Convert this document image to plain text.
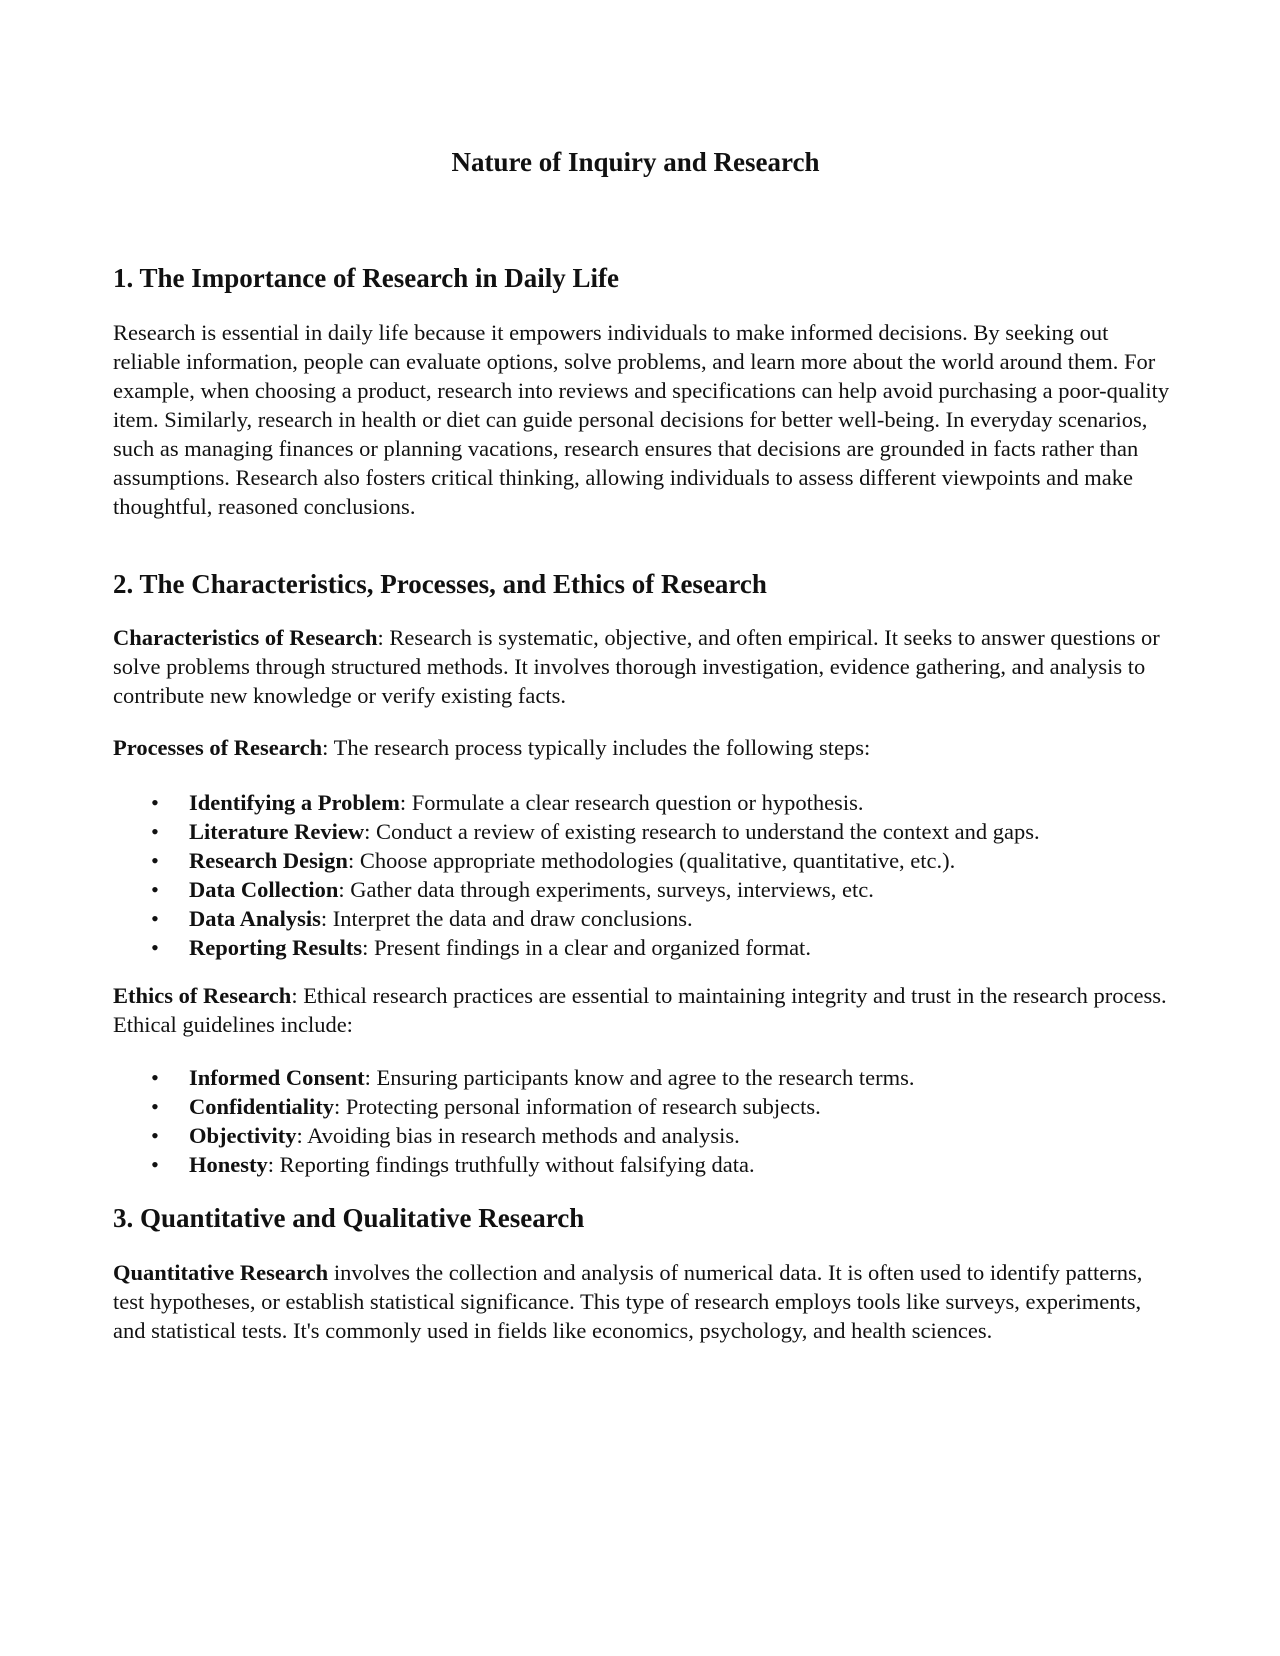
Nature of Inquiry and Research
1. The Importance of Research in Daily Life

Research is essential in daily life because it empowers individuals to make informed decisions. By seeking out reliable information, people can evaluate options, solve problems, and learn more about the world around them. For example, when choosing a product, research into reviews and specifications can help avoid purchasing a poor-quality item. Similarly, research in health or diet can guide personal decisions for better well-being. In everyday scenarios, such as managing finances or planning vacations, research ensures that decisions are grounded in facts rather than assumptions. Research also fosters critical thinking, allowing individuals to assess different viewpoints and make thoughtful, reasoned conclusions.

2. The Characteristics, Processes, and Ethics of Research

Characteristics of Research: Research is systematic, objective, and often empirical. It seeks to answer questions or solve problems through structured methods. It involves thorough investigation, evidence gathering, and analysis to contribute new knowledge or verify existing facts.

Processes of Research: The research process typically includes the following steps:

• Identifying a Problem: Formulate a clear research question or hypothesis.
• Literature Review: Conduct a review of existing research to understand the context and gaps.
• Research Design: Choose appropriate methodologies (qualitative, quantitative, etc.).
• Data Collection: Gather data through experiments, surveys, interviews, etc.
• Data Analysis: Interpret the data and draw conclusions.
• Reporting Results: Present findings in a clear and organized format.

Ethics of Research: Ethical research practices are essential to maintaining integrity and trust in the research process. Ethical guidelines include:

• Informed Consent: Ensuring participants know and agree to the research terms.
• Confidentiality: Protecting personal information of research subjects.
• Objectivity: Avoiding bias in research methods and analysis.
• Honesty: Reporting findings truthfully without falsifying data.
3. Quantitative and Qualitative Research

Quantitative Research involves the collection and analysis of numerical data. It is often used to identify patterns, test hypotheses, or establish statistical significance. This type of research employs tools like surveys, experiments, and statistical tests. It's commonly used in fields like economics, psychology, and health sciences.
